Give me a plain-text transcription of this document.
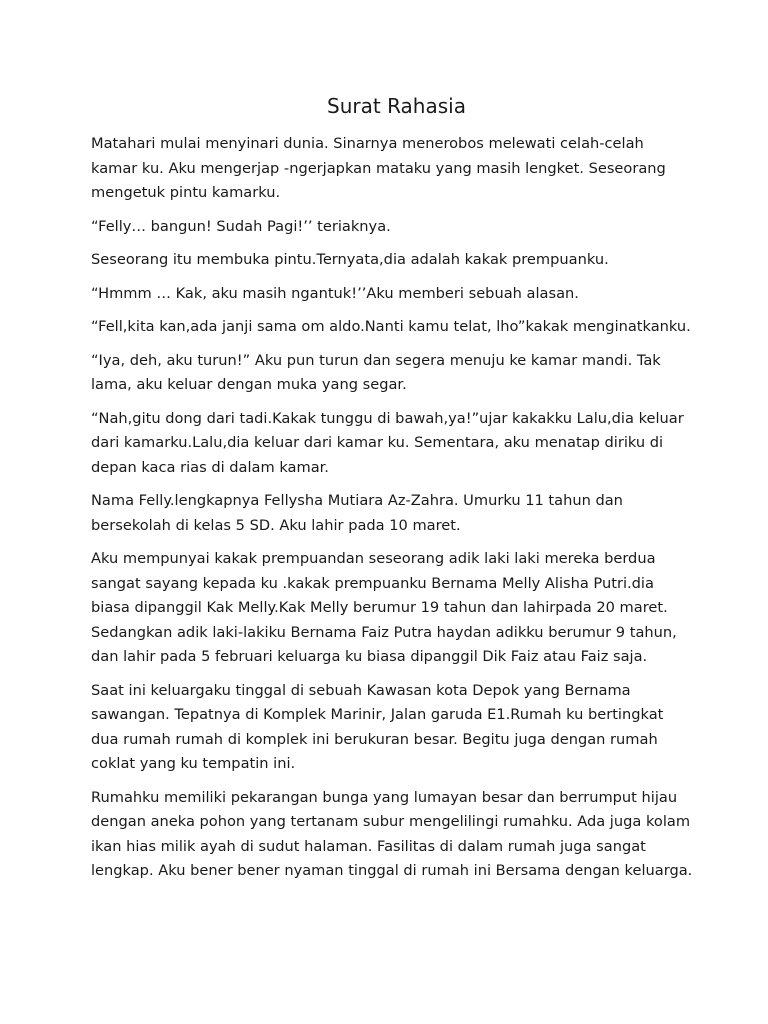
Surat Rahasia

Matahari mulai menyinari dunia. Sinarnya menerobos melewati celah-celah kamar ku. Aku mengerjap -ngerjapkan mataku yang masih lengket. Seseorang mengetuk pintu kamarku.

“Felly… bangun! Sudah Pagi!’’ teriaknya.

Seseorang itu membuka pintu.Ternyata,dia adalah kakak prempuanku.

“Hmmm … Kak, aku masih ngantuk!’’Aku memberi sebuah alasan.

“Fell,kita kan,ada janji sama om aldo.Nanti kamu telat, lho”kakak menginatkanku.

“Iya, deh, aku turun!” Aku pun turun dan segera menuju ke kamar mandi. Tak lama, aku keluar dengan muka yang segar.

“Nah,gitu dong dari tadi.Kakak tunggu di bawah,ya!”ujar kakakku Lalu,dia keluar dari kamarku.Lalu,dia keluar dari kamar ku. Sementara, aku menatap diriku di depan kaca rias di dalam kamar.

Nama Felly.lengkapnya Fellysha Mutiara Az-Zahra. Umurku 11 tahun dan bersekolah di kelas 5 SD. Aku lahir pada 10 maret.

Aku mempunyai kakak prempuandan seseorang adik laki laki mereka berdua sangat sayang kepada ku .kakak prempuanku Bernama Melly Alisha Putri.dia biasa dipanggil Kak Melly.Kak Melly berumur 19 tahun dan lahirpada 20 maret. Sedangkan adik laki-lakiku Bernama Faiz Putra haydan adikku berumur 9 tahun, dan lahir pada 5 februari keluarga ku biasa dipanggil Dik Faiz atau Faiz saja.

Saat ini keluargaku tinggal di sebuah Kawasan kota Depok yang Bernama sawangan. Tepatnya di Komplek Marinir, Jalan garuda E1.Rumah ku bertingkat dua rumah rumah di komplek ini berukuran besar. Begitu juga dengan rumah coklat yang ku tempatin ini.

Rumahku memiliki pekarangan bunga yang lumayan besar dan berrumput hijau dengan aneka pohon yang tertanam subur mengelilingi rumahku. Ada juga kolam ikan hias milik ayah di sudut halaman. Fasilitas di dalam rumah juga sangat lengkap. Aku bener bener nyaman tinggal di rumah ini Bersama dengan keluarga.
